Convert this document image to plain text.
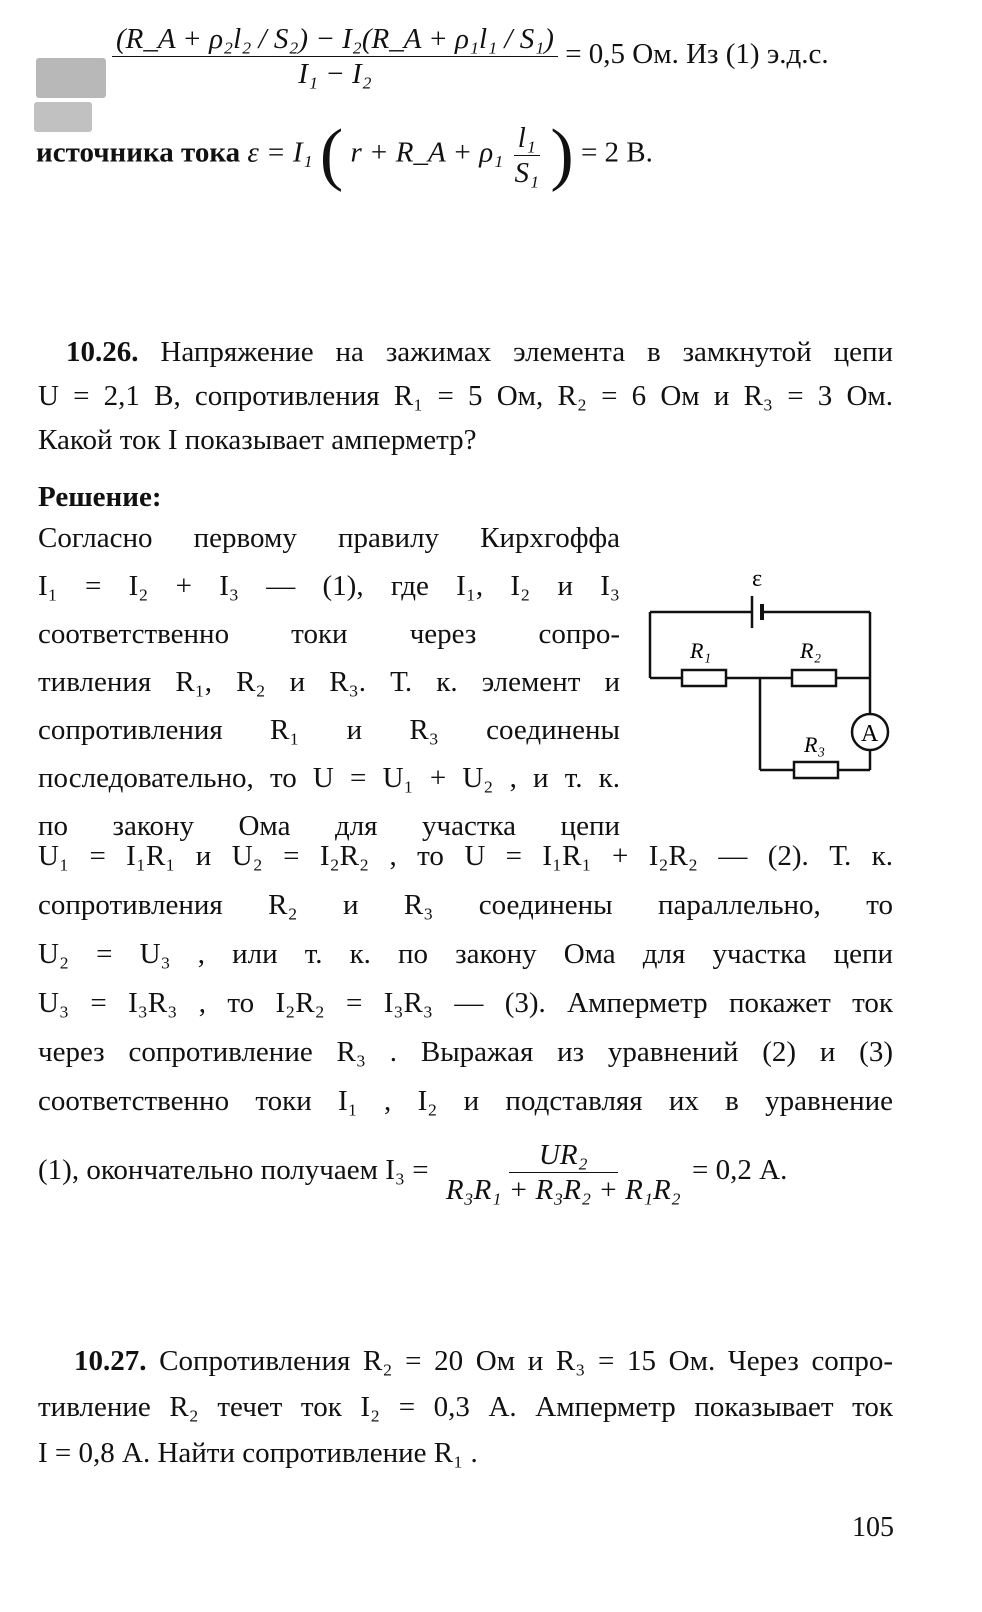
$\frac{\text{(R\_A + ρ₂l₂ / S₂) − I₂(R\_A + ρ₁l₁ / S₁)}}{\text{I₁ − I₂}} = 0,5$ Ом. Из (1) э.д.с.
источника тока ε = I₁ ( r + R_A + $\rho_1 \frac{\text{l₁}}{\text{S₁}}$ ) = 2 В.
10.26. Напряжение на зажимах элемента в замкнутой цепи
U = 2,1 В, сопротивления R₁ = 5 Ом, R₂ = 6 Ом и R₃ = 3 Ом.
Какой ток I показывает амперметр?
Решение:
Согласно первому правилу Кирхгоффа
I₁ = I₂ + I₃ — (1), где I₁, I₂ и I₃
соответственно токи через сопро-
тивления R₁, R₂ и R₃. Т. к. элемент и
сопротивления R₁ и R₃ соединены
последовательно, то U = U₁ + U₂ , и т. к.
по закону Ома для участка цепи
ε
R₁	R₂
R₃ A
U₁ = I₁R₁ и U₂ = I₂R₂ , то U = I₁R₁ + I₂R₂ — (2). Т. к.
сопротивления R₂ и R₃ соединены параллельно, то
U₂ = U₃ , или т. к. по закону Ома для участка цепи
U₃ = I₃R₃ , то I₂R₂ = I₃R₃ — (3). Амперметр покажет ток
через сопротивление R₃ . Выражая из уравнений (2) и (3)
соответственно токи I₁ , I₂ и подставляя их в уравнение
(1), окончательно получаем $I_3 = \frac{\text{UR₂}}{\text{R₃R₁ + R₃R₂ + R₁R₂}} = 0,2$ А.
10.27. Сопротивления R₂ = 20 Ом и R₃ = 15 Ом. Через сопро-
тивление R₂ течет ток I₂ = 0,3 А. Амперметр показывает ток
I = 0,8 А. Найти сопротивление R₁ .
105
